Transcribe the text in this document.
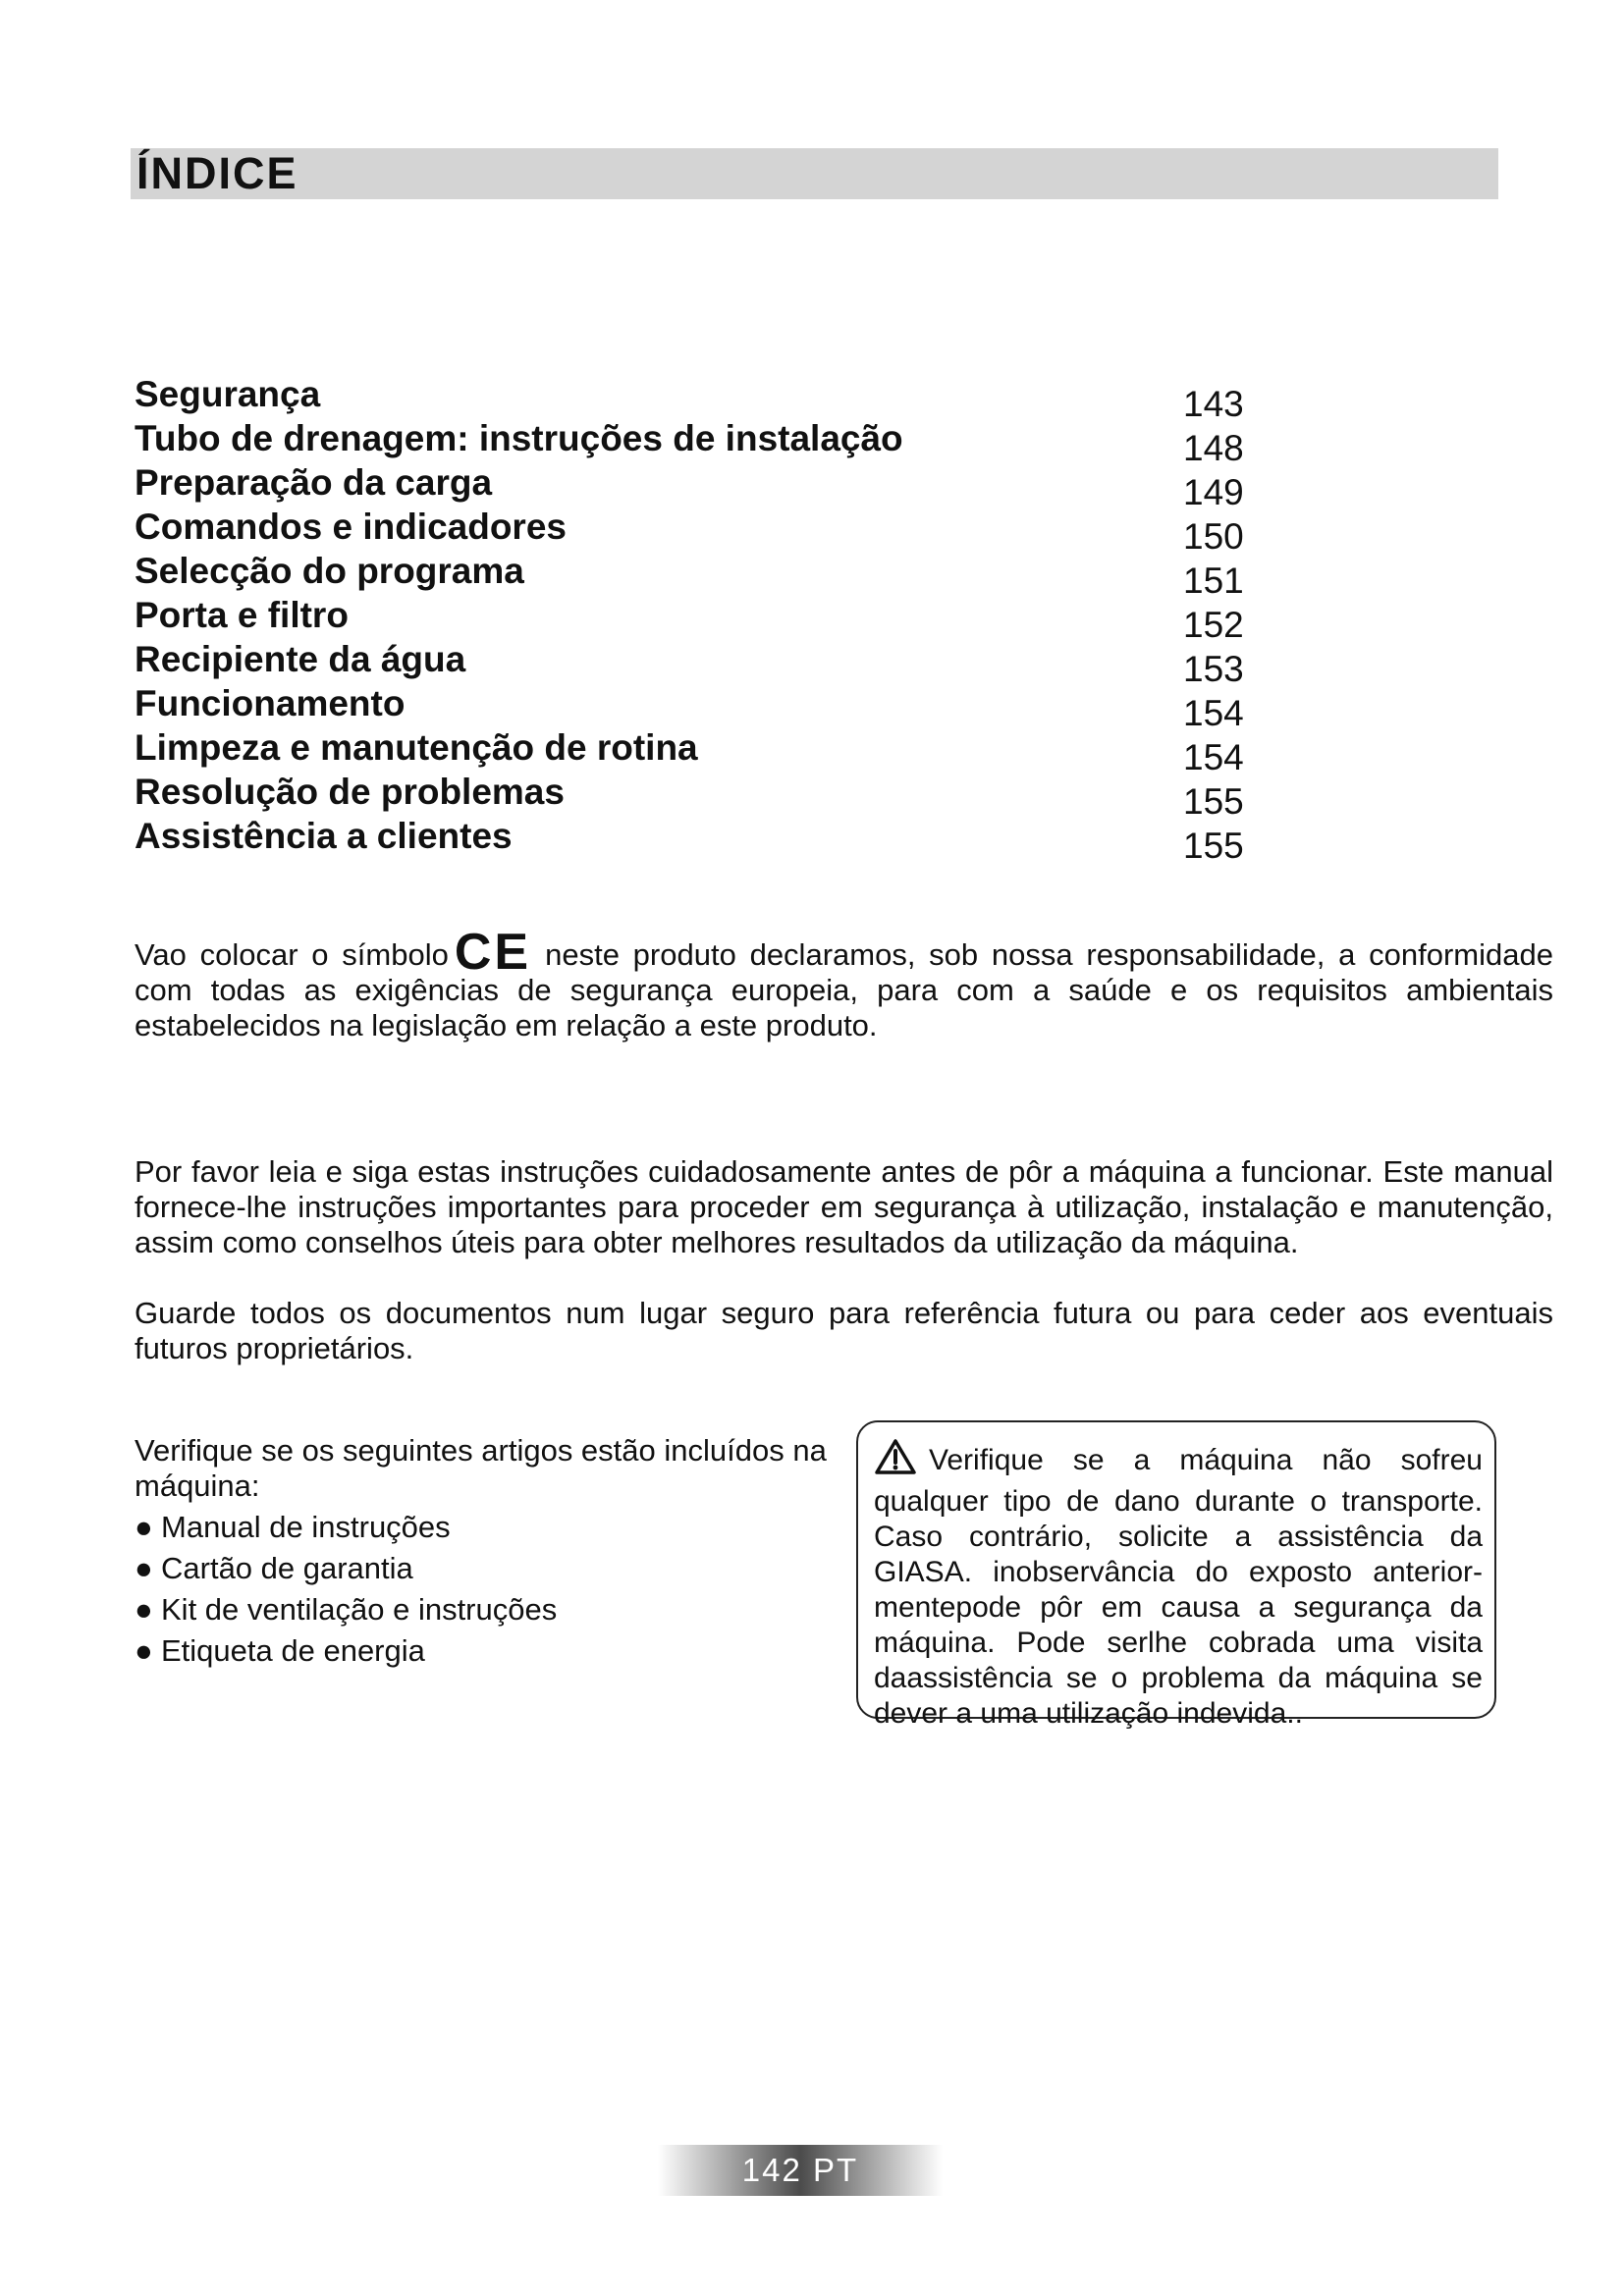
ÍNDICE
Segurança	143
Tubo de drenagem: instruções de instalação	148
Preparação da carga	149
Comandos e indicadores	150
Selecção do programa	151
Porta e filtro	152
Recipiente da água	153
Funcionamento	154
Limpeza e manutenção de rotina	154
Resolução de problemas	155
Assistência a clientes	155

Vao colocar o símbolo CE neste produto declaramos, sob nossa responsabilidade, a conformidade com todas as exigências de segurança europeia, para com a saúde e os requisitos ambientais estabelecidos na legislação em relação a este produto.

Por favor leia e siga estas instruções cuidadosamente antes de pôr a máquina a funcionar. Este manual fornece-lhe instruções importantes para proceder em segurança à utilização, instalação e manutenção, assim como conselhos úteis para obter melhores resultados da utilização da máquina.

Guarde todos os documentos num lugar seguro para referência futura ou para ceder aos eventuais futuros proprietários.

Verifique se os seguintes artigos estão incluídos na máquina:

● Manual de instruções
● Cartão de garantia
● Kit de ventilação e instruções
● Etiqueta de energia

Verifique se a máquina não sofreu qualquer tipo de dano durante o transporte. Caso contrário, solicite a assistência da GIASA. inobservância do exposto anterior-mentepode pôr em causa a segurança da máquina. Pode serlhe cobrada uma visita daassistência se o problema da máquina se dever a uma utilização indevida..

142 PT
